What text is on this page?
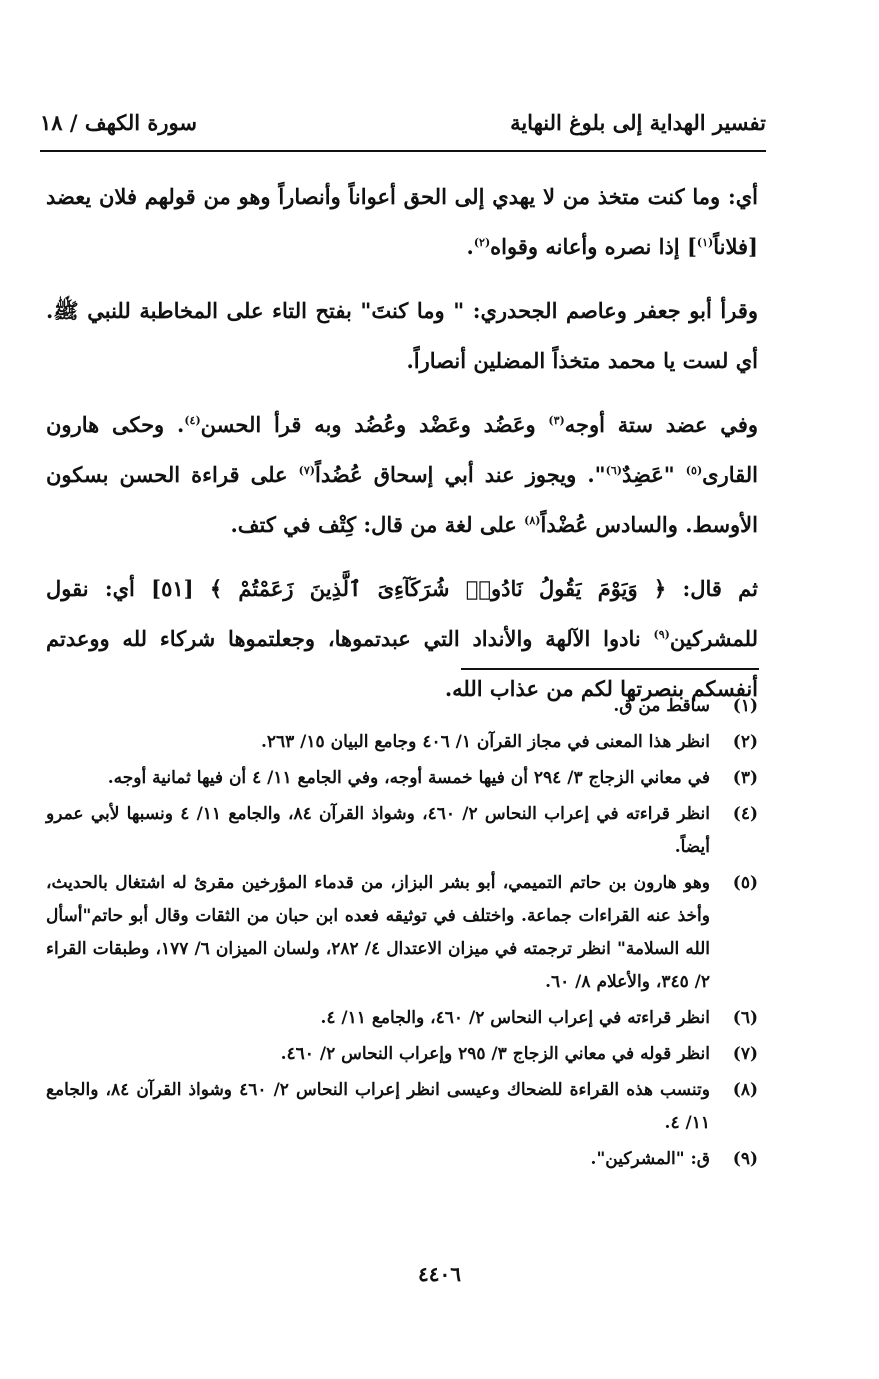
تفسير الهداية إلى بلوغ النهاية
سورة الكهف / ١٨

أي: وما كنت متخذ من لا يهدي إلى الحق أعواناً وأنصاراً وهو من قولهم فلان يعضد [فلاناً$^{(١)}$] إذا نصره وأعانه وقواه$^{(٢)}$.

وقرأ أبو جعفر وعاصم الجحدري: " وما كنتَ" بفتح التاء على المخاطبة للنبي ﷺ. أي لست يا محمد متخذاً المضلين أنصاراً.

وفي عضد ستة أوجه$^{(٣)}$ وعَضُد وعَضْد وعُضُد وبه قرأ الحسن$^{(٤)}$. وحكى هارون القارى$^{(٥)}$ "عَضِدٌ$^{(٦)}$". ويجوز عند أبي إسحاق عُضُداً$^{(٧)}$ على قراءة الحسن بسكون الأوسط. والسادس عُضْداً$^{(٨)}$ على لغة من قال: كِتْف في كتف.

ثم قال: ﴿ وَيَوْمَ يَقُولُ نَادُوا۟ شُرَكَآءِىَ ٱلَّذِينَ زَعَمْتُمْ ﴾ [٥١] أي: نقول للمشركين$^{(٩)}$ نادوا الآلهة والأنداد التي عبدتموها، وجعلتموها شركاء لله ووعدتم أنفسكم بنصرتها لكم من عذاب الله.

(١)
ساقط من ق.
(٢)
انظر هذا المعنى في مجاز القرآن ١/ ٤٠٦ وجامع البيان ١٥/ ٢٦٣.
(٣)
في معاني الزجاج ٣/ ٢٩٤ أن فيها خمسة أوجه، وفي الجامع ١١/ ٤ أن فيها ثمانية أوجه.
(٤)
انظر قراءته في إعراب النحاس ٢/ ٤٦٠، وشواذ القرآن ٨٤، والجامع ١١/ ٤ ونسبها لأبي عمرو أيضاً.
(٥)
وهو هارون بن حاتم التميمي، أبو بشر البزاز، من قدماء المؤرخين مقرئ له اشتغال بالحديث، وأخذ عنه القراءات جماعة. واختلف في توثيقه فعده ابن حبان من الثقات وقال أبو حاتم"أسأل الله السلامة" انظر ترجمته في ميزان الاعتدال ٤/ ٢٨٢، ولسان الميزان ٦/ ١٧٧، وطبقات القراء ٢/ ٣٤٥، والأعلام ٨/ ٦٠.
(٦)
انظر قراءته في إعراب النحاس ٢/ ٤٦٠، والجامع ١١/ ٤.
(٧)
انظر قوله في معاني الزجاج ٣/ ٢٩٥ وإعراب النحاس ٢/ ٤٦٠.
(٨)
وتنسب هذه القراءة للضحاك وعيسى انظر إعراب النحاس ٢/ ٤٦٠ وشواذ القرآن ٨٤، والجامع ١١/ ٤.
(٩)
ق: "المشركين".
٤٤٠٦
